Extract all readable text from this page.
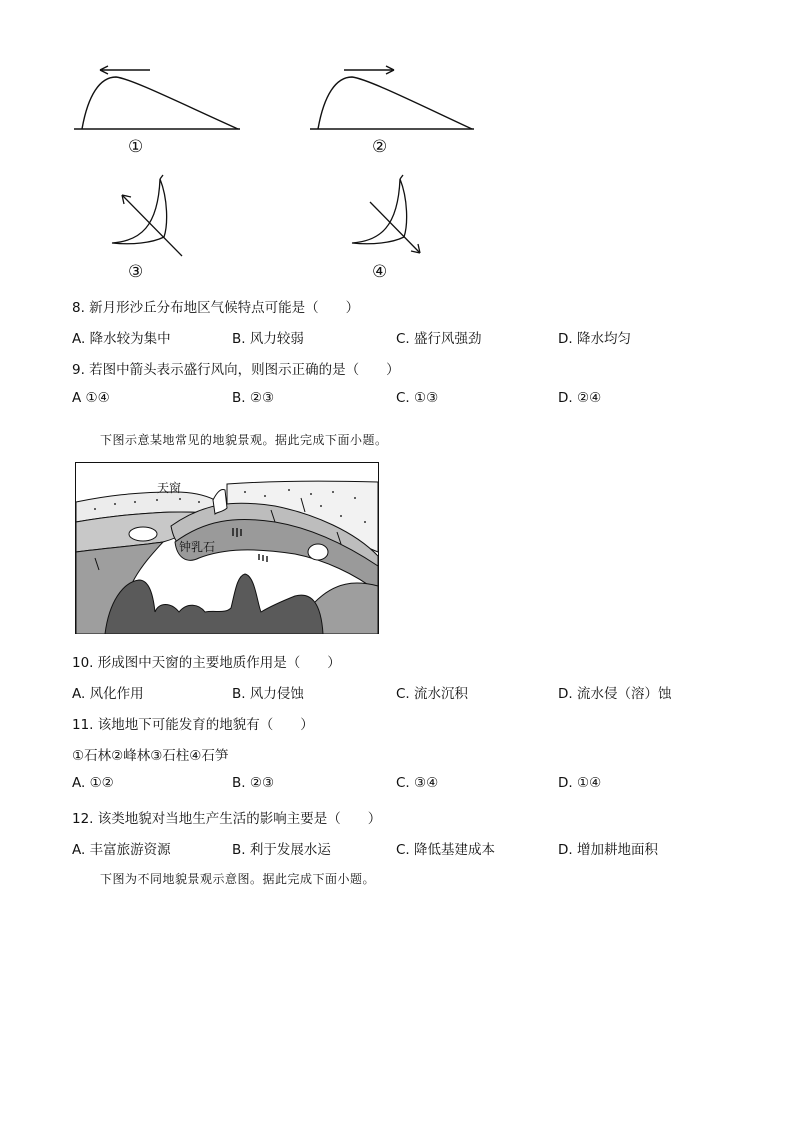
①	②
③	④
8. 新月形沙丘分布地区气候特点可能是（　　）
A. 降水较为集中	B. 风力较弱	C. 盛行风强劲	D. 降水均匀
9. 若图中箭头表示盛行风向，则图示正确的是（　　）
A ①④	B. ②③	C. ①③	D. ②④
下图示意某地常见的地貌景观。据此完成下面小题。
天窗
钟乳石
10. 形成图中天窗的主要地质作用是（　　）
A. 风化作用	B. 风力侵蚀	C. 流水沉积	D. 流水侵（溶）蚀
11. 该地地下可能发育的地貌有（　　）
①石林②峰林③石柱④石笋
A. ①②	B. ②③	C. ③④	D. ①④
12. 该类地貌对当地生产生活的影响主要是（　　）
A. 丰富旅游资源	B. 利于发展水运	C. 降低基建成本	D. 增加耕地面积
下图为不同地貌景观示意图。据此完成下面小题。
